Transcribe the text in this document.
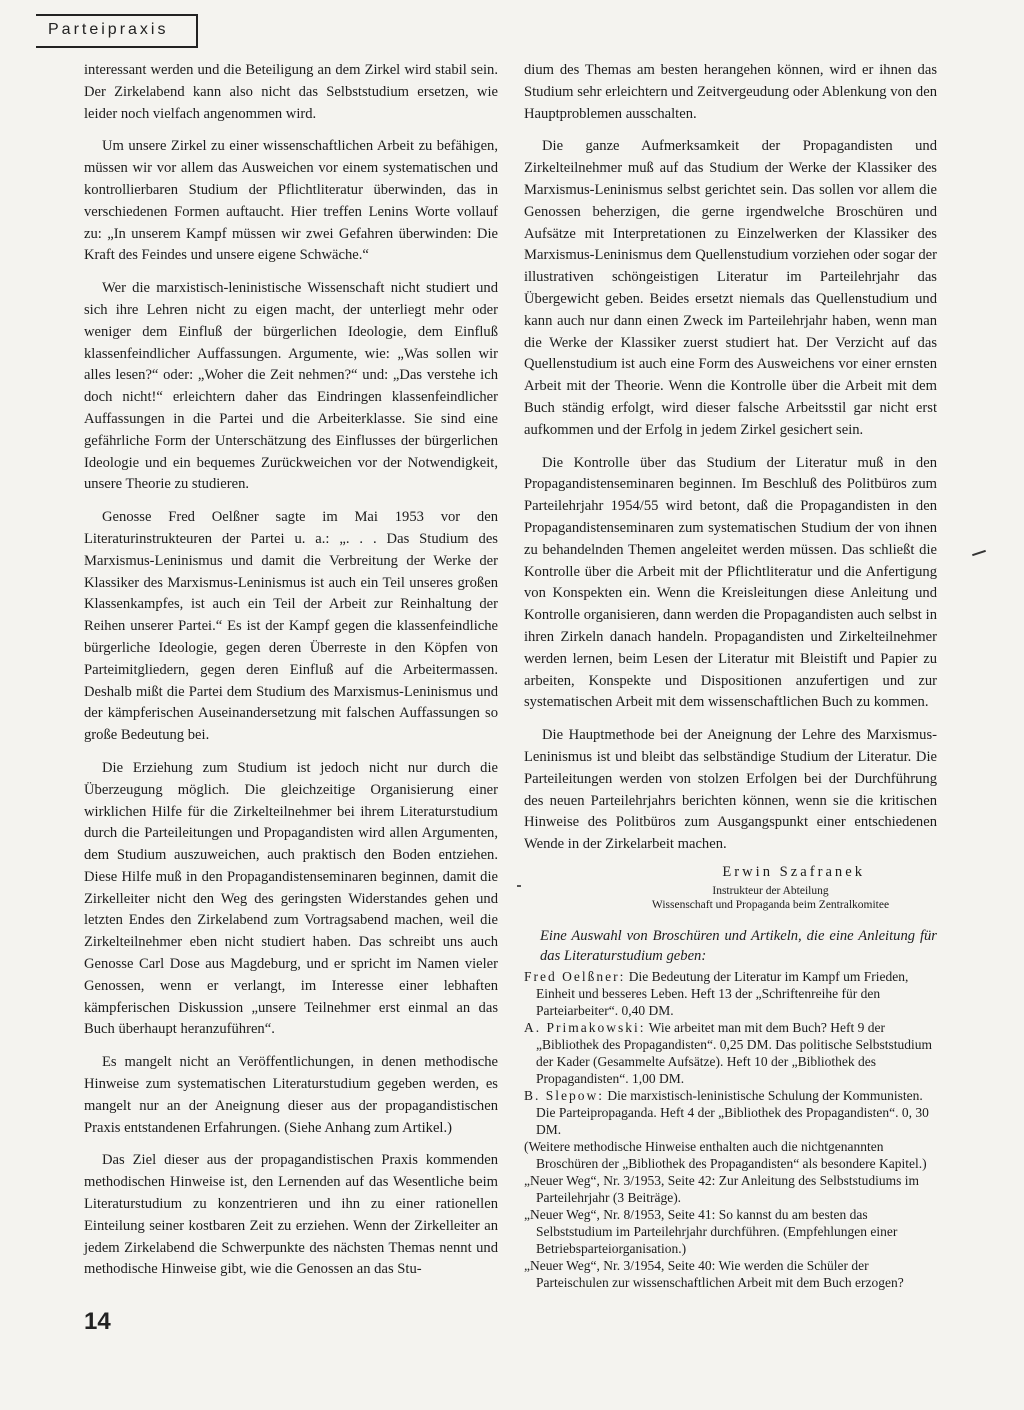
Parteipraxis

interessant werden und die Beteiligung an dem Zirkel wird stabil sein. Der Zirkelabend kann also nicht das Selbststudium ersetzen, wie leider noch vielfach angenommen wird.

Um unsere Zirkel zu einer wissenschaftlichen Arbeit zu befähigen, müssen wir vor allem das Ausweichen vor einem systematischen und kontrollierbaren Studium der Pflichtliteratur überwinden, das in verschiedenen Formen auftaucht. Hier treffen Lenins Worte vollauf zu: „In unserem Kampf müssen wir zwei Gefahren überwinden: Die Kraft des Feindes und unsere eigene Schwäche.“

Wer die marxistisch-leninistische Wissenschaft nicht studiert und sich ihre Lehren nicht zu eigen macht, der unterliegt mehr oder weniger dem Einfluß der bürgerlichen Ideologie, dem Einfluß klassenfeindlicher Auffassungen. Argumente, wie: „Was sollen wir alles lesen?“ oder: „Woher die Zeit nehmen?“ und: „Das verstehe ich doch nicht!“ erleichtern daher das Eindringen klassenfeindlicher Auffassungen in die Partei und die Arbeiterklasse. Sie sind eine gefährliche Form der Unterschätzung des Einflusses der bürgerlichen Ideologie und ein bequemes Zurückweichen vor der Notwendigkeit, unsere Theorie zu studieren.

Genosse Fred Oelßner sagte im Mai 1953 vor den Literaturinstrukteuren der Partei u. a.: „. . . Das Studium des Marxismus-Leninismus und damit die Verbreitung der Werke der Klassiker des Marxismus-Leninismus ist auch ein Teil unseres großen Klassenkampfes, ist auch ein Teil der Arbeit zur Reinhaltung der Reihen unserer Partei.“ Es ist der Kampf gegen die klassenfeindliche bürgerliche Ideologie, gegen deren Überreste in den Köpfen von Parteimitgliedern, gegen deren Einfluß auf die Arbeitermassen. Deshalb mißt die Partei dem Studium des Marxismus-Leninismus und der kämpferischen Auseinandersetzung mit falschen Auffassungen so große Bedeutung bei.

Die Erziehung zum Studium ist jedoch nicht nur durch die Überzeugung möglich. Die gleichzeitige Organisierung einer wirklichen Hilfe für die Zirkelteilnehmer bei ihrem Literaturstudium durch die Parteileitungen und Propagandisten wird allen Argumenten, dem Studium auszuweichen, auch praktisch den Boden entziehen. Diese Hilfe muß in den Propagandistenseminaren beginnen, damit die Zirkelleiter nicht den Weg des geringsten Widerstandes gehen und letzten Endes den Zirkelabend zum Vortragsabend machen, weil die Zirkelteilnehmer eben nicht studiert haben. Das schreibt uns auch Genosse Carl Dose aus Magdeburg, und er spricht im Namen vieler Genossen, wenn er verlangt, im Interesse einer lebhaften kämpferischen Diskussion „unsere Teilnehmer erst einmal an das Buch überhaupt heranzuführen“.

Es mangelt nicht an Veröffentlichungen, in denen methodische Hinweise zum systematischen Literaturstudium gegeben werden, es mangelt nur an der Aneignung dieser aus der propagandistischen Praxis entstandenen Erfahrungen. (Siehe Anhang zum Artikel.)

Das Ziel dieser aus der propagandistischen Praxis kommenden methodischen Hinweise ist, den Lernenden auf das Wesentliche beim Literaturstudium zu konzentrieren und ihn zu einer rationellen Einteilung seiner kostbaren Zeit zu erziehen. Wenn der Zirkelleiter an jedem Zirkelabend die Schwerpunkte des nächsten Themas nennt und methodische Hinweise gibt, wie die Genossen an das Stu-

dium des Themas am besten herangehen können, wird er ihnen das Studium sehr erleichtern und Zeitvergeudung oder Ablenkung von den Hauptproblemen ausschalten.

Die ganze Aufmerksamkeit der Propagandisten und Zirkelteilnehmer muß auf das Studium der Werke der Klassiker des Marxismus-Leninismus selbst gerichtet sein. Das sollen vor allem die Genossen beherzigen, die gerne irgendwelche Broschüren und Aufsätze mit Interpretationen zu Einzelwerken der Klassiker des Marxismus-Leninismus dem Quellenstudium vorziehen oder sogar der illustrativen schöngeistigen Literatur im Parteilehrjahr das Übergewicht geben. Beides ersetzt niemals das Quellenstudium und kann auch nur dann einen Zweck im Parteilehrjahr haben, wenn man die Werke der Klassiker zuerst studiert hat. Der Verzicht auf das Quellenstudium ist auch eine Form des Ausweichens vor einer ernsten Arbeit mit der Theorie. Wenn die Kontrolle über die Arbeit mit dem Buch ständig erfolgt, wird dieser falsche Arbeitsstil gar nicht erst aufkommen und der Erfolg in jedem Zirkel gesichert sein.

Die Kontrolle über das Studium der Literatur muß in den Propagandistenseminaren beginnen. Im Beschluß des Politbüros zum Parteilehrjahr 1954/55 wird betont, daß die Propagandisten in den Propagandistenseminaren zum systematischen Studium der von ihnen zu behandelnden Themen angeleitet werden müssen. Das schließt die Kontrolle über die Arbeit mit der Pflichtliteratur und die Anfertigung von Konspekten ein. Wenn die Kreisleitungen diese Anleitung und Kontrolle organisieren, dann werden die Propagandisten auch selbst in ihren Zirkeln danach handeln. Propagandisten und Zirkelteilnehmer werden lernen, beim Lesen der Literatur mit Bleistift und Papier zu arbeiten, Konspekte und Dispositionen anzufertigen und zur systematischen Arbeit mit dem wissenschaftlichen Buch zu kommen.

Die Hauptmethode bei der Aneignung der Lehre des Marxismus-Leninismus ist und bleibt das selbständige Studium der Literatur. Die Parteileitungen werden von stolzen Erfolgen bei der Durchführung des neuen Parteilehrjahrs berichten können, wenn sie die kritischen Hinweise des Politbüros zum Ausgangspunkt einer entschiedenen Wende in der Zirkelarbeit machen.

Erwin Szafranek
Instrukteur der Abteilung
Wissenschaft und Propaganda beim Zentralkomitee
Eine Auswahl von Broschüren und Artikeln, die eine Anleitung für das Literaturstudium geben:

Fred Oelßner: Die Bedeutung der Literatur im Kampf um Frieden, Einheit und besseres Leben. Heft 13 der „Schriftenreihe für den Parteiarbeiter“. 0,40 DM.

A. Primakowski: Wie arbeitet man mit dem Buch? Heft 9 der „Bibliothek des Propagandisten“. 0,25 DM. Das politische Selbststudium der Kader (Gesammelte Aufsätze). Heft 10 der „Bibliothek des Propagandisten“. 1,00 DM.

B. Slepow: Die marxistisch-leninistische Schulung der Kommunisten. Die Parteipropaganda. Heft 4 der „Bibliothek des Propagandisten“. 0, 30 DM.

(Weitere methodische Hinweise enthalten auch die nichtgenannten Broschüren der „Bibliothek des Propagandisten“ als besondere Kapitel.)

„Neuer Weg“, Nr. 3/1953, Seite 42: Zur Anleitung des Selbststudiums im Parteilehrjahr (3 Beiträge).

„Neuer Weg“, Nr. 8/1953, Seite 41: So kannst du am besten das Selbststudium im Parteilehrjahr durchführen. (Empfehlungen einer Betriebsparteiorganisation.)

„Neuer Weg“, Nr. 3/1954, Seite 40: Wie werden die Schüler der Parteischulen zur wissenschaftlichen Arbeit mit dem Buch erzogen?

14
